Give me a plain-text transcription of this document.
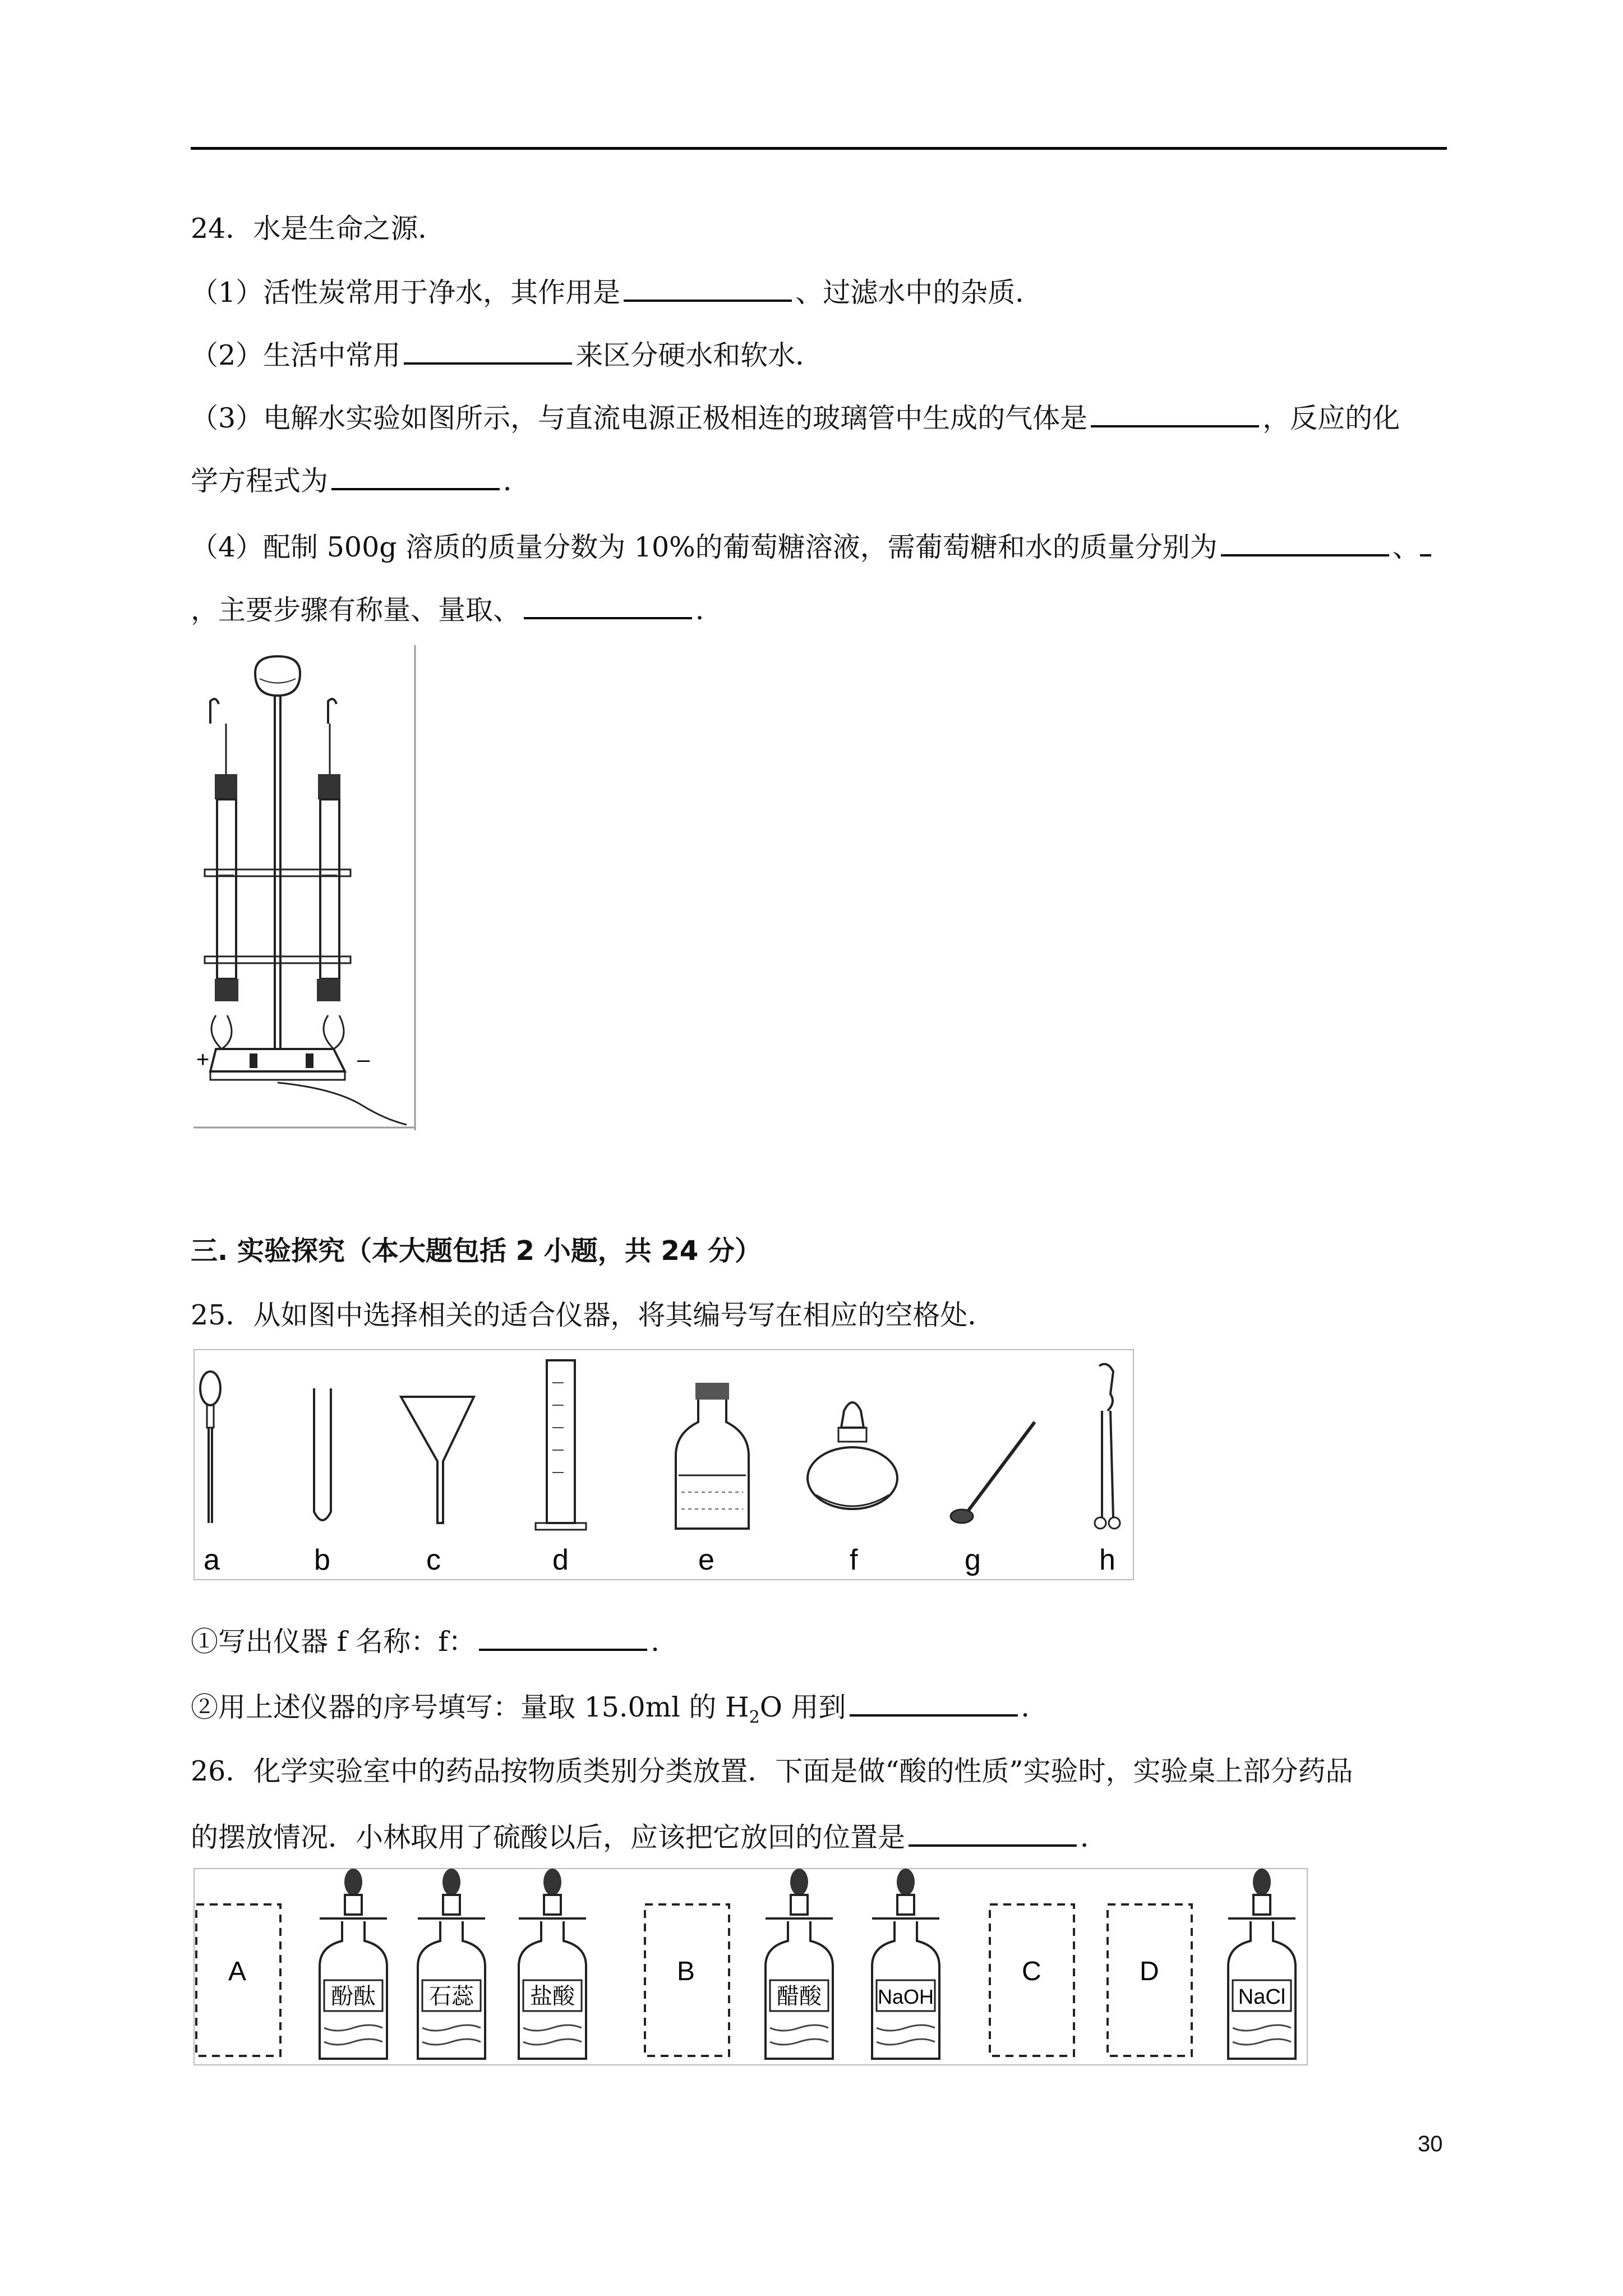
24．水是生命之源．
（1）活性炭常用于净水，其作用是	、过滤水中的杂质．
（2）生活中常用	来区分硬水和软水．
（3）电解水实验如图所示，与直流电源正极相连的玻璃管中生成的气体是	，反应的化
学方程式为	．
（4）配制 500g 溶质的质量分数为 10%的葡萄糖溶液，需葡萄糖和水的质量分别为	、
，主要步骤有称量、量取、	．
+	–
三. 实验探究（本大题包括 2 小题，共 24 分）
25．从如图中选择相关的适合仪器，将其编号写在相应的空格处．
a	b	c	d	e	f	g	h
①写出仪器 f 名称：f：	．
②用上述仪器的序号填写：量取 15.0ml 的 $H_2O$ 用到	．
26．化学实验室中的药品按物质类别分类放置．下面是做“酸的性质”实验时，实验桌上部分药品
的摆放情况．小林取用了硫酸以后，应该把它放回的位置是	．
A	B	C	D
酚酞 石蕊	盐酸	醋酸	NaOH	NaCl
30
